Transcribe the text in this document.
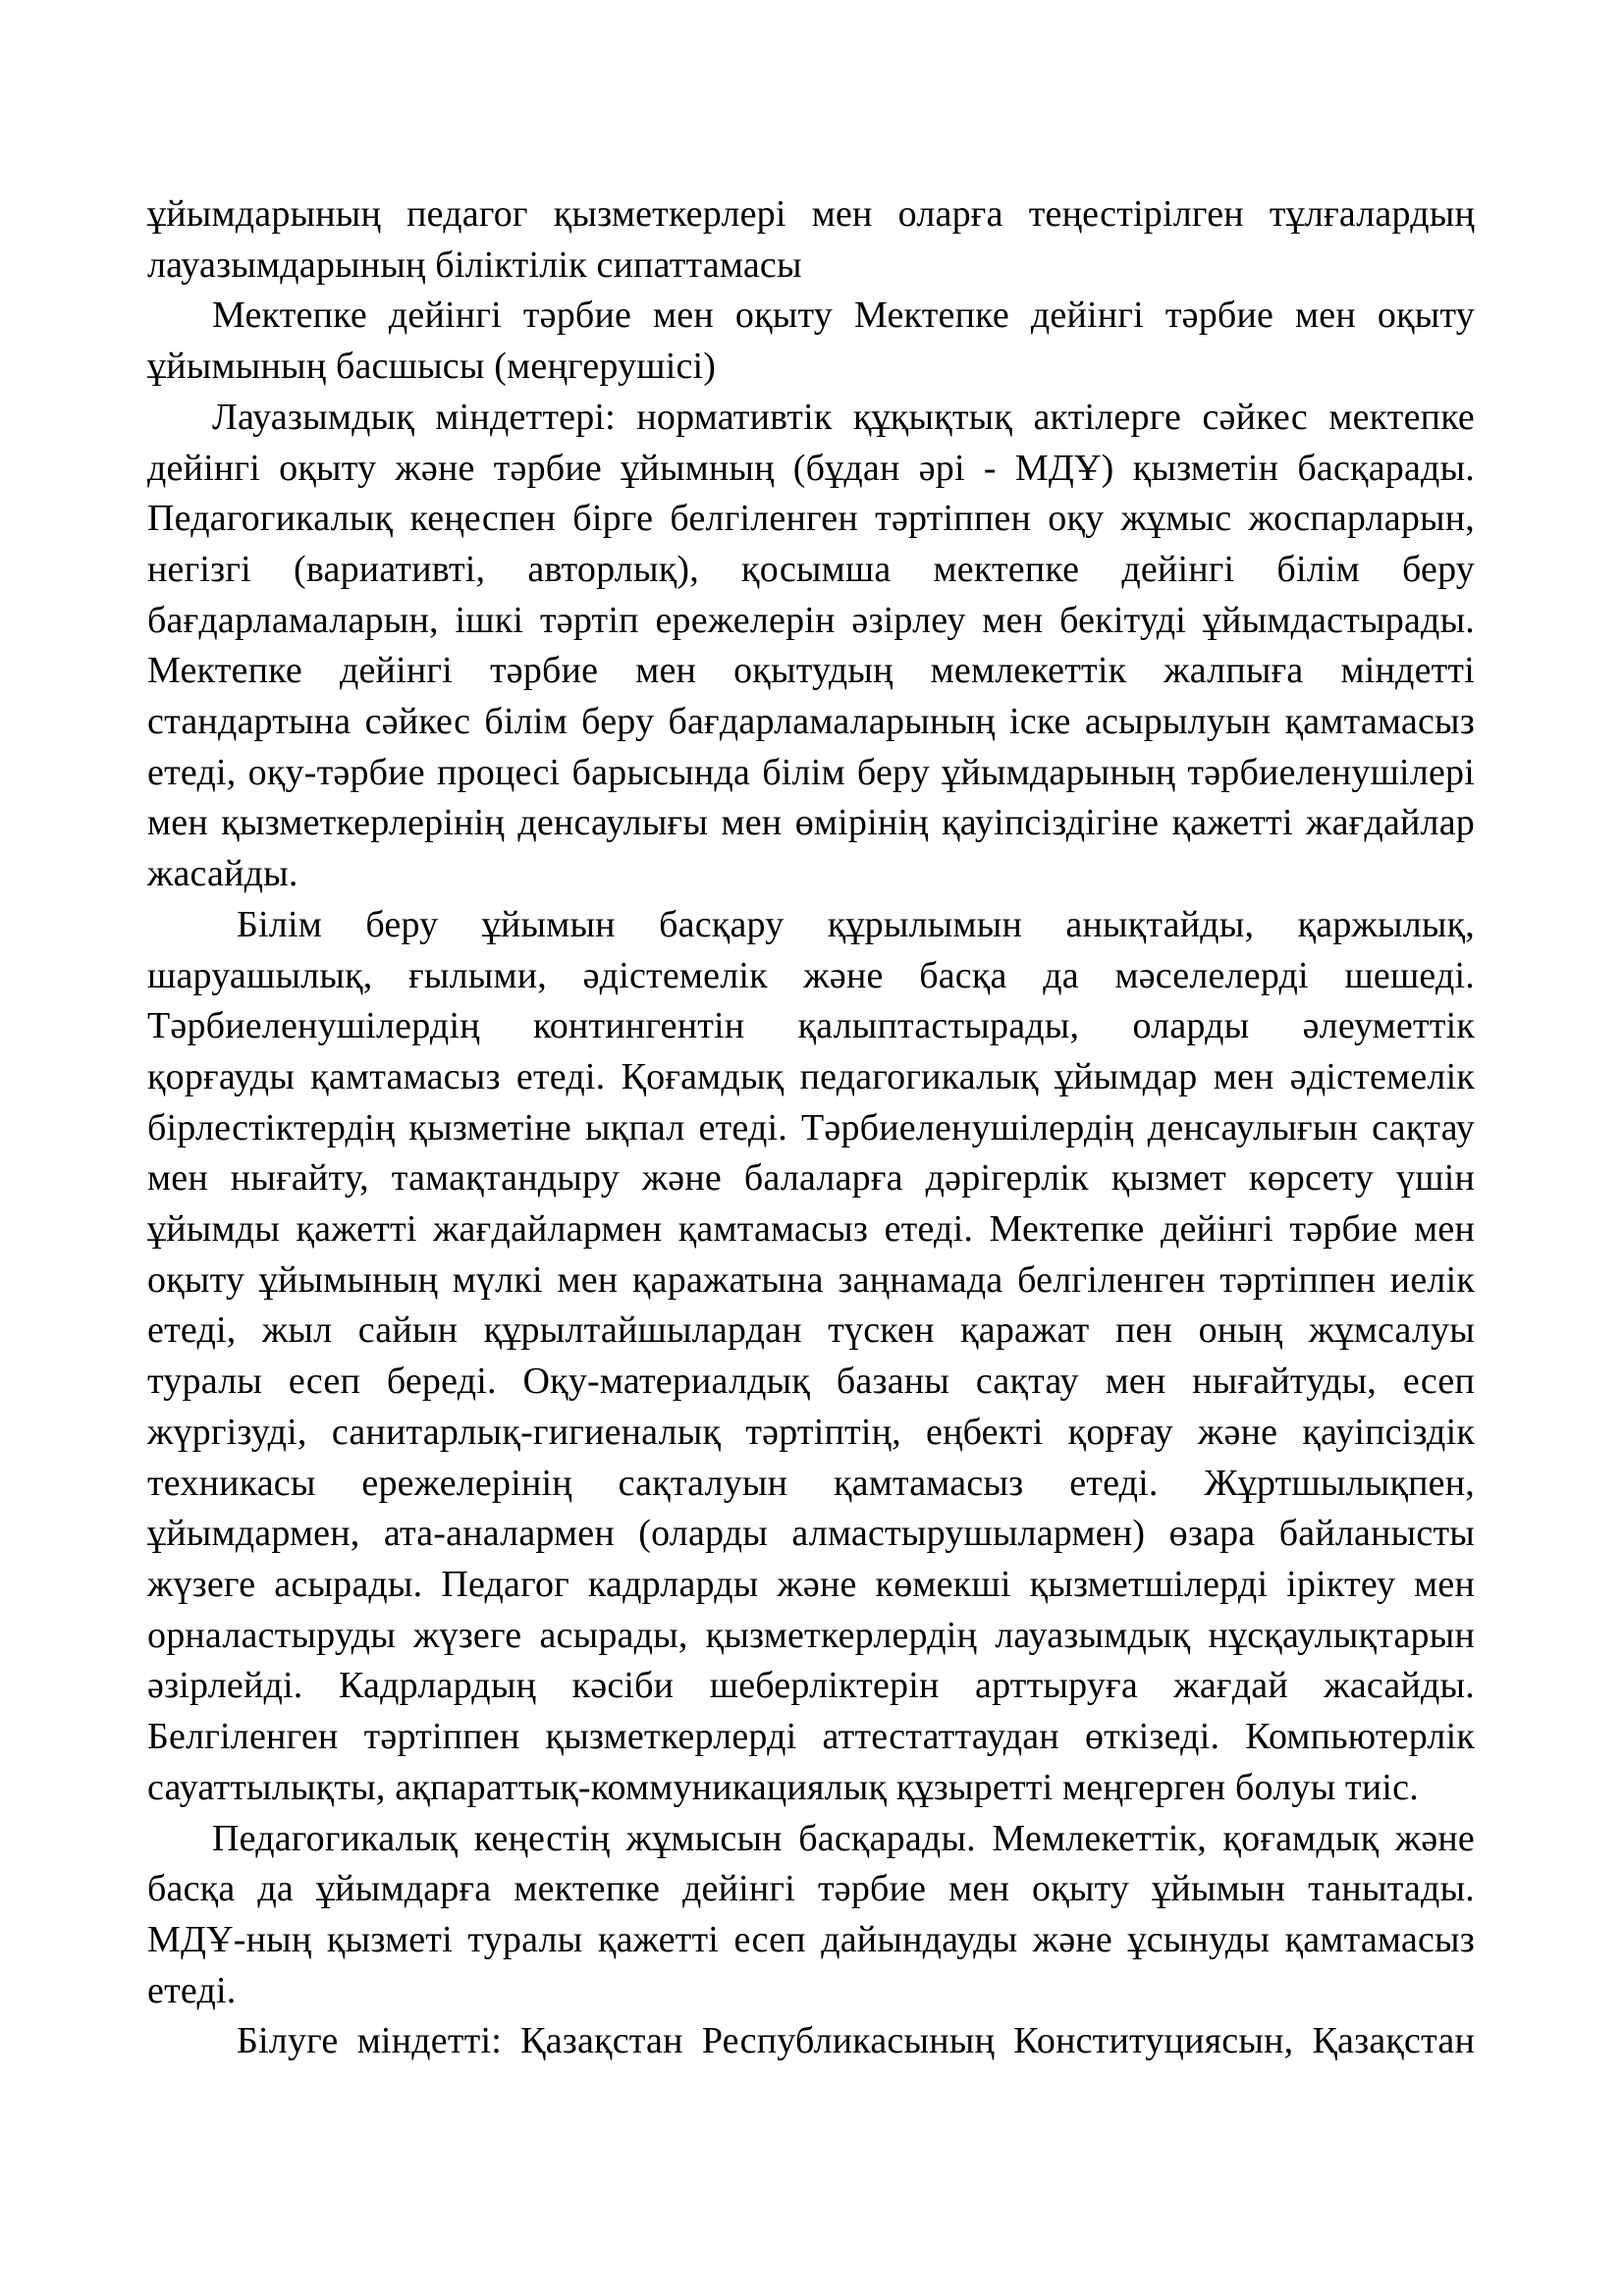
ұйымдарының педагог қызметкерлері мен оларға теңестірілген тұлғалардың
лауазымдарының біліктілік сипаттамасы
Мектепке дейінгі тәрбие мен оқыту Мектепке дейінгі тәрбие мен оқыту
ұйымының басшысы (меңгерушісі)
Лауазымдық міндеттері: нормативтік құқықтық актілерге сәйкес мектепке
дейінгі оқыту және тәрбие ұйымның (бұдан әрі - МДҰ) қызметін басқарады.
Педагогикалық кеңеспен бірге белгіленген тәртіппен оқу жұмыс жоспарларын,
негізгі (вариативті, авторлық), қосымша мектепке дейінгі білім беру
бағдарламаларын, ішкі тәртіп ережелерін әзірлеу мен бекітуді ұйымдастырады.
Мектепке дейінгі тәрбие мен оқытудың мемлекеттік жалпыға міндетті
стандартына сәйкес білім беру бағдарламаларының іске асырылуын қамтамасыз
етеді, оқу-тәрбие процесі барысында білім беру ұйымдарының тәрбиеленушілері
мен қызметкерлерінің денсаулығы мен өмірінің қауіпсіздігіне қажетті жағдайлар
жасайды.
Білім беру ұйымын басқару құрылымын анықтайды, қаржылық,
шаруашылық, ғылыми, әдістемелік және басқа да мәселелерді шешеді.
Тәрбиеленушілердің контингентін қалыптастырады, оларды әлеуметтік
қорғауды қамтамасыз етеді. Қоғамдық педагогикалық ұйымдар мен әдістемелік
бірлестіктердің қызметіне ықпал етеді. Тәрбиеленушілердің денсаулығын сақтау
мен нығайту, тамақтандыру және балаларға дәрігерлік қызмет көрсету үшін
ұйымды қажетті жағдайлармен қамтамасыз етеді. Мектепке дейінгі тәрбие мен
оқыту ұйымының мүлкі мен қаражатына заңнамада белгіленген тәртіппен иелік
етеді, жыл сайын құрылтайшылардан түскен қаражат пен оның жұмсалуы
туралы есеп береді. Оқу-материалдық базаны сақтау мен нығайтуды, есеп
жүргізуді, санитарлық-гигиеналық тәртіптің, еңбекті қорғау және қауіпсіздік
техникасы ережелерінің сақталуын қамтамасыз етеді. Жұртшылықпен,
ұйымдармен, ата-аналармен (оларды алмастырушылармен) өзара байланысты
жүзеге асырады. Педагог кадрларды және көмекші қызметшілерді іріктеу мен
орналастыруды жүзеге асырады, қызметкерлердің лауазымдық нұсқаулықтарын
әзірлейді. Кадрлардың кәсіби шеберліктерін арттыруға жағдай жасайды.
Белгіленген тәртіппен қызметкерлерді аттестаттаудан өткізеді. Компьютерлік
сауаттылықты, ақпараттық-коммуникациялық құзыретті меңгерген болуы тиіс.
Педагогикалық кеңестің жұмысын басқарады. Мемлекеттік, қоғамдық және
басқа да ұйымдарға мектепке дейінгі тәрбие мен оқыту ұйымын танытады.
МДҰ-ның қызметі туралы қажетті есеп дайындауды және ұсынуды қамтамасыз
етеді.
Білуге міндетті: Қазақстан Республикасының Конституциясын, Қазақстан
